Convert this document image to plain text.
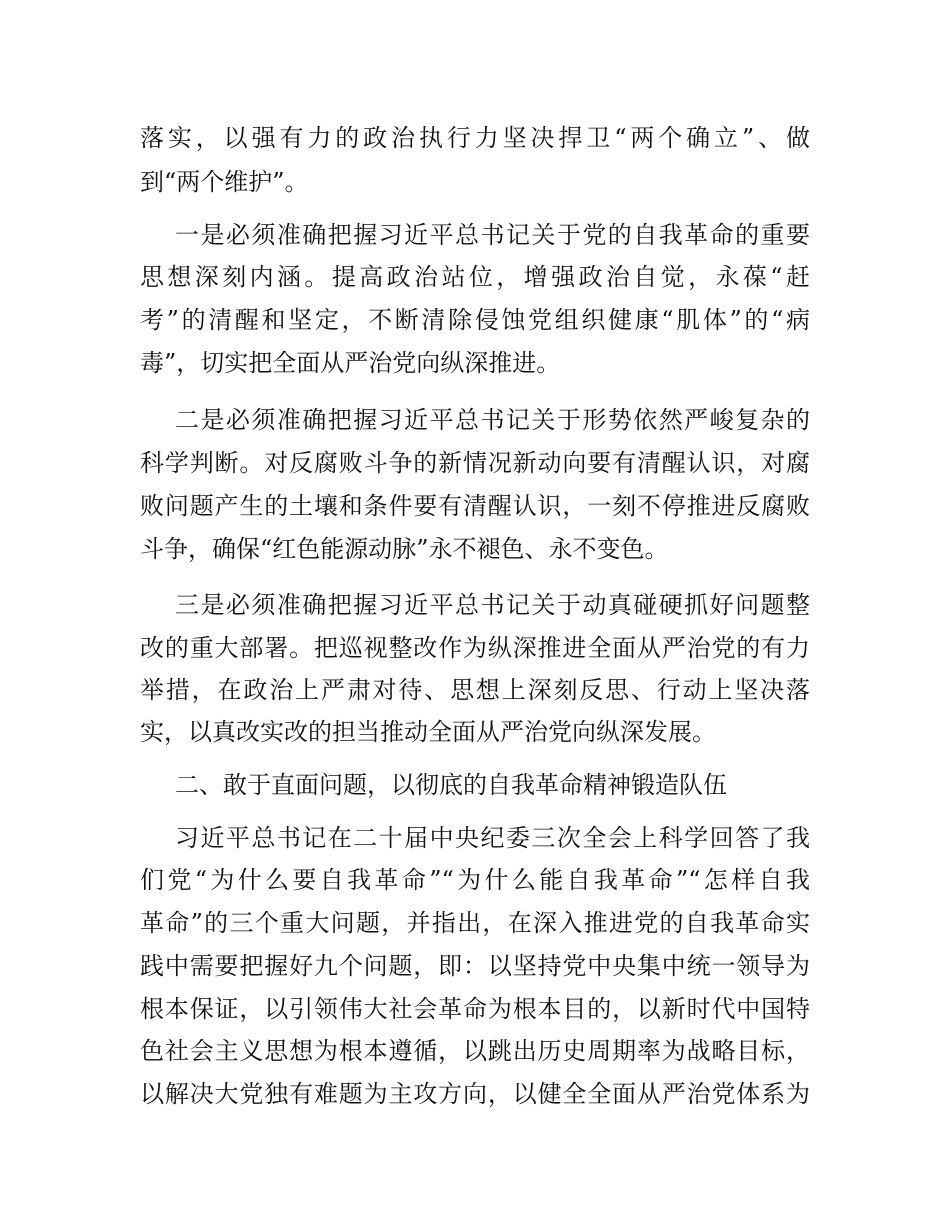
落实，以强有力的政治执行力坚决捍卫“两个确立”、做
到“两个维护”。
一是必须准确把握习近平总书记关于党的自我革命的重要
思想深刻内涵。提高政治站位，增强政治自觉，永葆“赶
考”的清醒和坚定，不断清除侵蚀党组织健康“肌体”的“病
毒”，切实把全面从严治党向纵深推进。
二是必须准确把握习近平总书记关于形势依然严峻复杂的
科学判断。对反腐败斗争的新情况新动向要有清醒认识，对腐
败问题产生的土壤和条件要有清醒认识，一刻不停推进反腐败
斗争，确保“红色能源动脉”永不褪色、永不变色。
三是必须准确把握习近平总书记关于动真碰硬抓好问题整
改的重大部署。把巡视整改作为纵深推进全面从严治党的有力
举措，在政治上严肃对待、思想上深刻反思、行动上坚决落
实，以真改实改的担当推动全面从严治党向纵深发展。
二、敢于直面问题，以彻底的自我革命精神锻造队伍
习近平总书记在二十届中央纪委三次全会上科学回答了我
们党“为什么要自我革命”“为什么能自我革命”“怎样自我
革命”的三个重大问题，并指出，在深入推进党的自我革命实
践中需要把握好九个问题，即：以坚持党中央集中统一领导为
根本保证，以引领伟大社会革命为根本目的，以新时代中国特
色社会主义思想为根本遵循，以跳出历史周期率为战略目标，
以解决大党独有难题为主攻方向，以健全全面从严治党体系为
